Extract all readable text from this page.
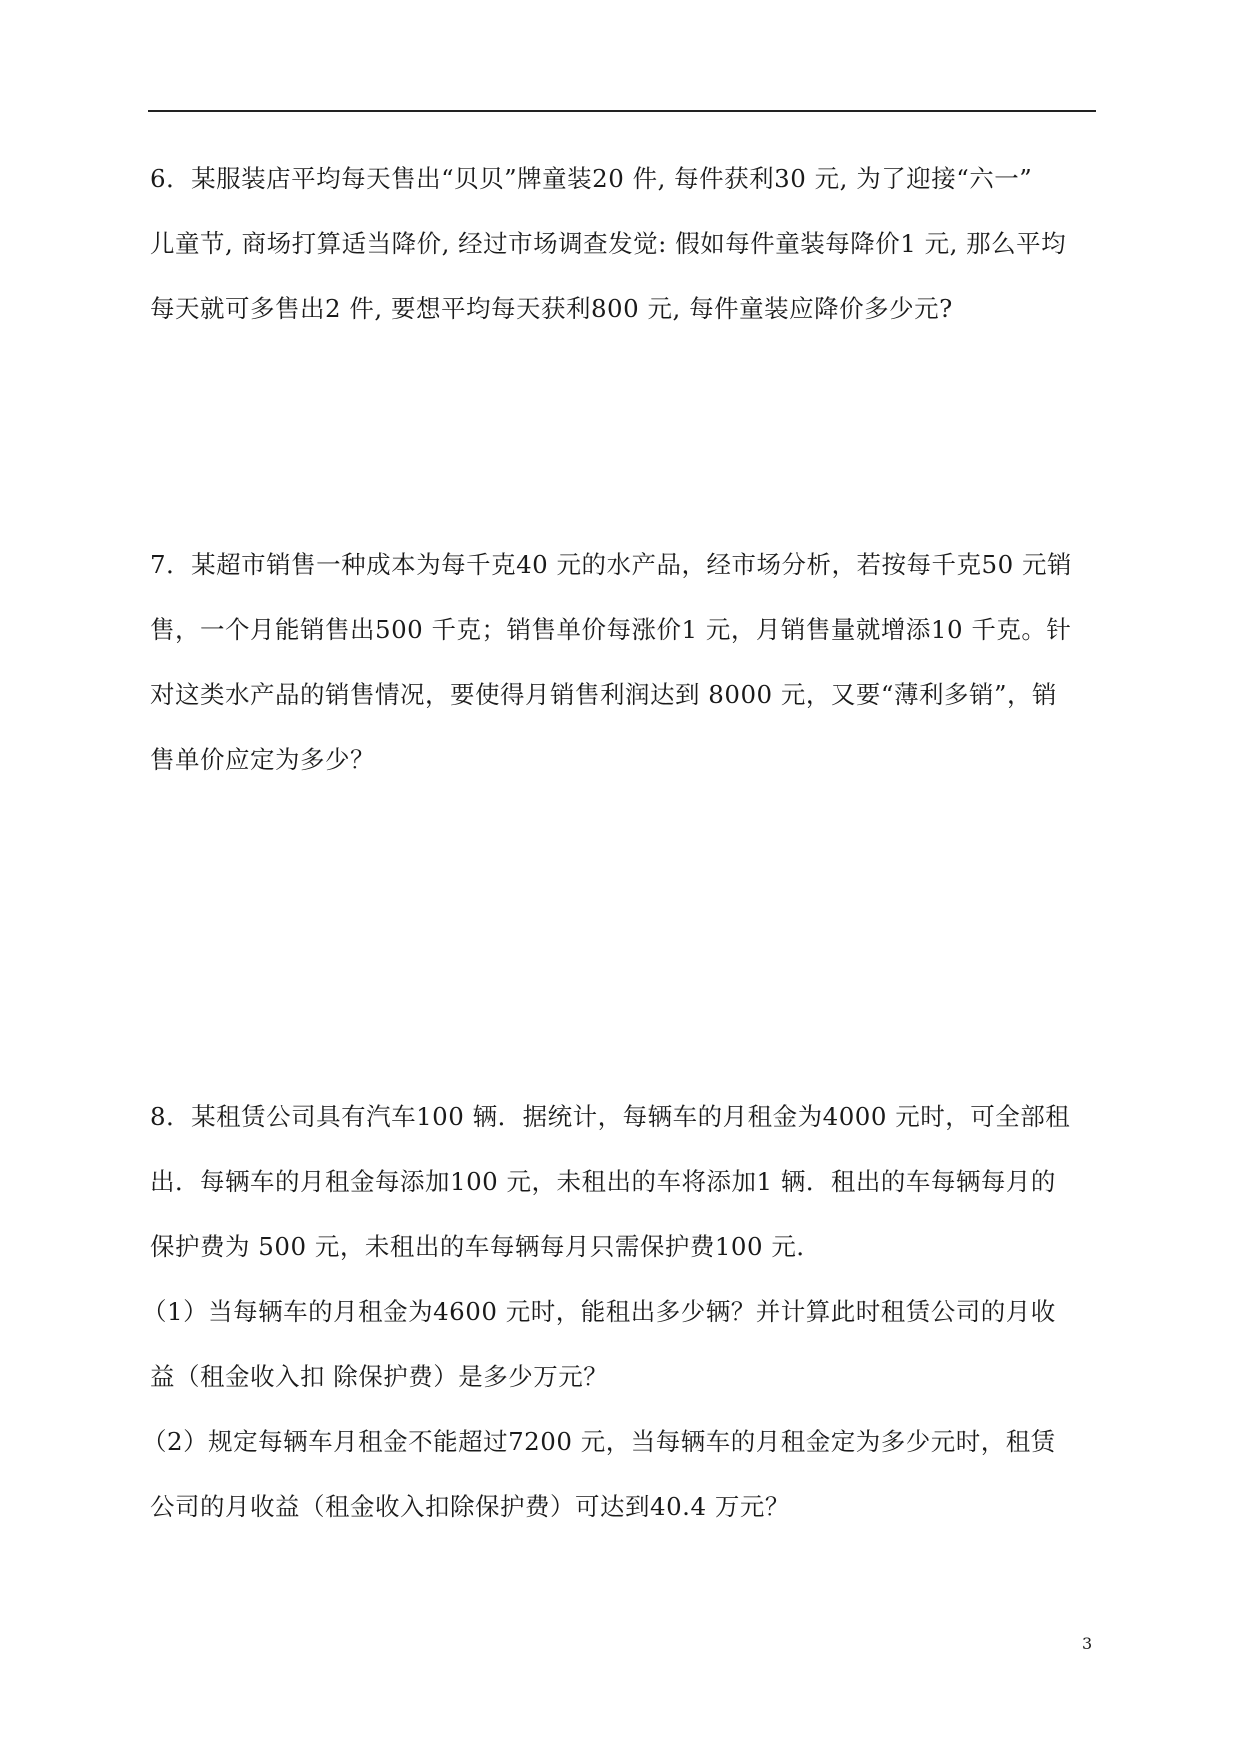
6．某服装店平均每天售出“贝贝”牌童装20 件, 每件获利30 元, 为了迎接“六一”
儿童节, 商场打算适当降价, 经过市场调查发觉: 假如每件童装每降价1 元, 那么平均
每天就可多售出2 件, 要想平均每天获利800 元, 每件童装应降价多少元?
7．某超市销售一种成本为每千克40 元的水产品，经市场分析，若按每千克50 元销
售，一个月能销售出500 千克；销售单价每涨价1 元，月销售量就增添10 千克。针
对这类水产品的销售情况，要使得月销售利润达到 8000 元，又要“薄利多销”，销
售单价应定为多少？
8．某租赁公司具有汽车100 辆．据统计，每辆车的月租金为4000 元时，可全部租
出．每辆车的月租金每添加100 元，未租出的车将添加1 辆．租出的车每辆每月的
保护费为 500 元，未租出的车每辆每月只需保护费100 元．
（1）当每辆车的月租金为4600 元时，能租出多少辆？并计算此时租赁公司的月收
益（租金收入扣 除保护费）是多少万元？
（2）规定每辆车月租金不能超过7200 元，当每辆车的月租金定为多少元时，租赁
公司的月收益（租金收入扣除保护费）可达到40.4 万元？
3
